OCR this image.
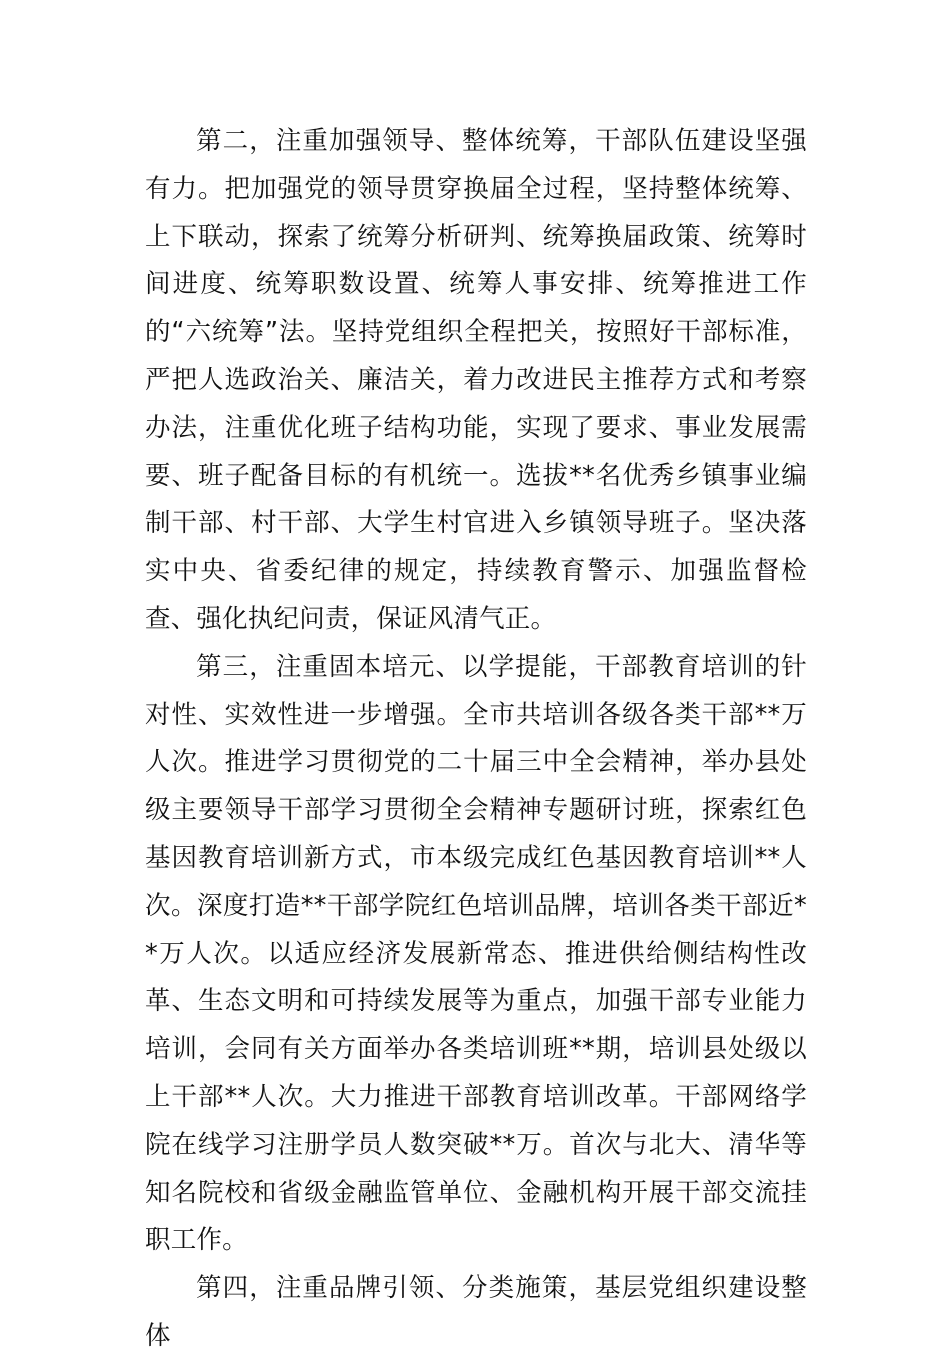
第二，注重加强领导、整体统筹，干部队伍建设坚强有力。把加强党的领导贯穿换届全过程，坚持整体统筹、上下联动，探索了统筹分析研判、统筹换届政策、统筹时间进度、统筹职数设置、统筹人事安排、统筹推进工作的“六统筹”法。坚持党组织全程把关，按照好干部标准，严把人选政治关、廉洁关，着力改进民主推荐方式和考察办法，注重优化班子结构功能，实现了要求、事业发展需要、班子配备目标的有机统一。选拔**名优秀乡镇事业编制干部、村干部、大学生村官进入乡镇领导班子。坚决落实中央、省委纪律的规定，持续教育警示、加强监督检查、强化执纪问责，保证风清气正。

第三，注重固本培元、以学提能，干部教育培训的针对性、实效性进一步增强。全市共培训各级各类干部**万人次。推进学习贯彻党的二十届三中全会精神，举办县处级主要领导干部学习贯彻全会精神专题研讨班，探索红色基因教育培训新方式，市本级完成红色基因教育培训**人次。深度打造**干部学院红色培训品牌，培训各类干部近**万人次。以适应经济发展新常态、推进供给侧结构性改革、生态文明和可持续发展等为重点，加强干部专业能力培训，会同有关方面举办各类培训班**期，培训县处级以上干部**人次。大力推进干部教育培训改革。干部网络学院在线学习注册学员人数突破**万。首次与北大、清华等知名院校和省级金融监管单位、金融机构开展干部交流挂职工作。

第四，注重品牌引领、分类施策，基层党组织建设整体
